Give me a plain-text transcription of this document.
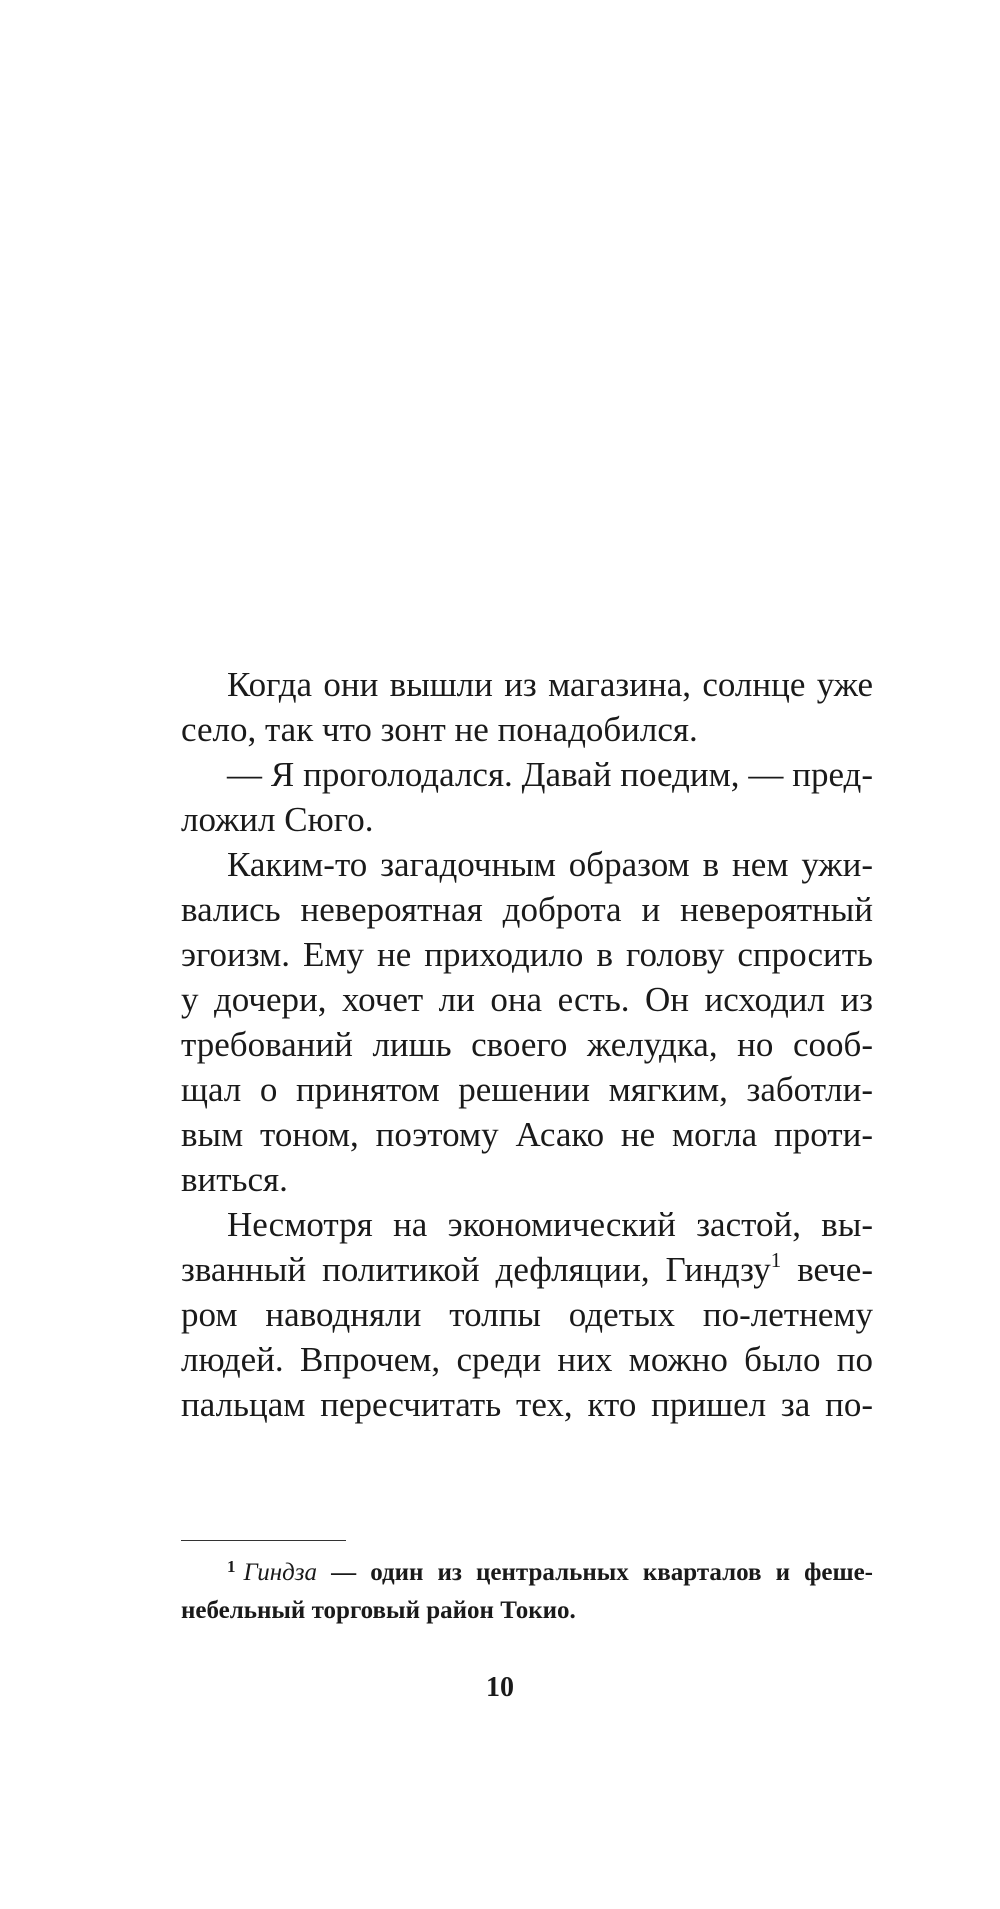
Когда они вышли из магазина, солнце уже
село, так что зонт не понадобился.
— Я проголодался. Давай поедим, — пред-
ложил Сюго.
Каким-то загадочным образом в нем ужи-
вались невероятная доброта и невероятный
эгоизм. Ему не приходило в голову спросить
у дочери, хочет ли она есть. Он исходил из
требований лишь своего желудка, но сооб-
щал о принятом решении мягким, заботли-
вым тоном, поэтому Асако не могла проти-
виться.
Несмотря на экономический застой, вы-
званный политикой дефляции, Гиндзу$^1$ вече-
ром наводняли толпы одетых по-летнему
людей. Впрочем, среди них можно было по
пальцам пересчитать тех, кто пришел за по-
$^1$ Гиндза — один из центральных кварталов и феше-
небельный торговый район Токио.
10
